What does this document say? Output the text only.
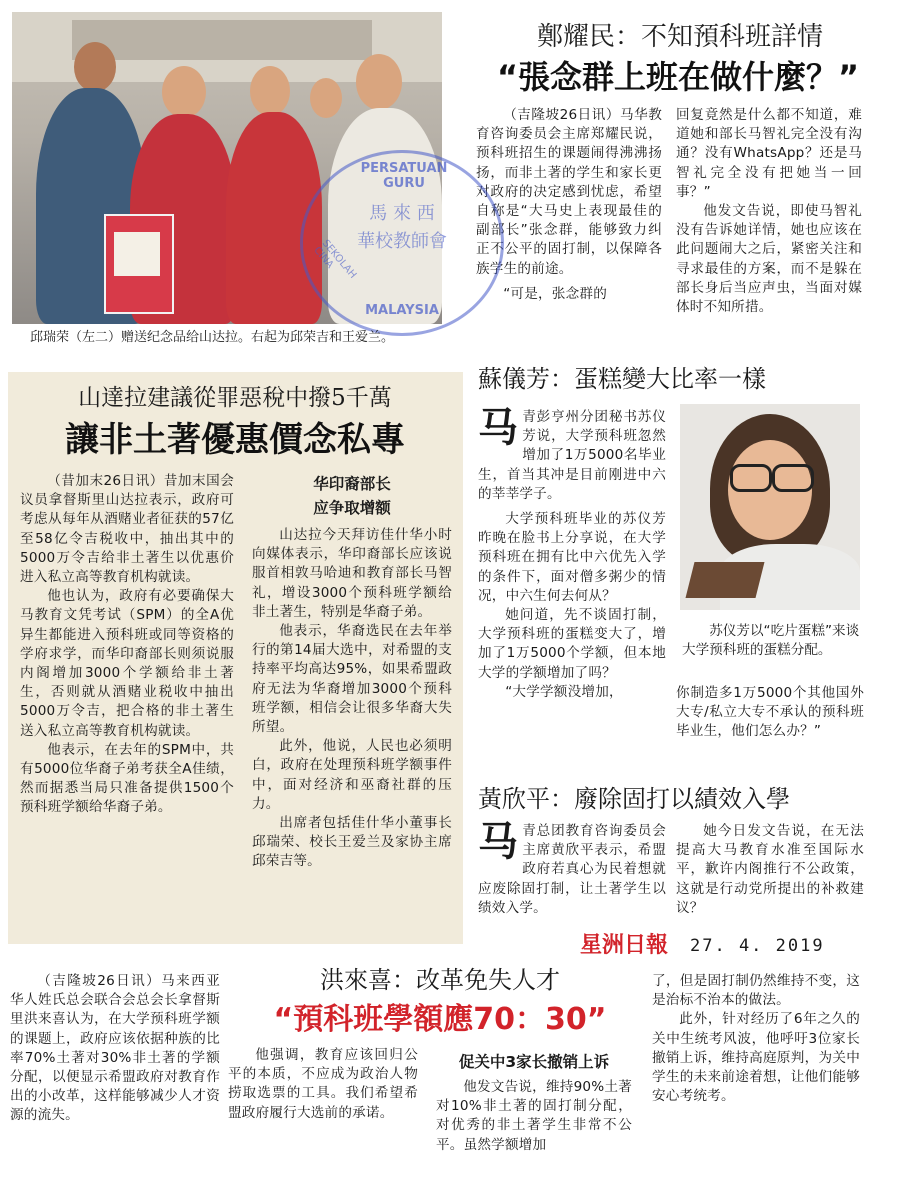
鄭耀民：不知預科班詳情
“張念群上班在做什麼？”

（吉隆坡26日讯）马华教育咨询委员会主席郑耀民说，预科班招生的课题闹得沸沸扬扬，而非土著的学生和家长更对政府的决定感到忧虑，希望自称是“大马史上表现最佳的副部长”张念群，能够致力纠正不公平的固打制，以保障各族学生的前途。

“可是，张念群的

回复竟然是什么都不知道，难道她和部长马智礼完全没有沟通？没有WhatsApp？还是马智礼完全没有把她当一回事？”

他发文告说，即使马智礼没有告诉她详情，她也应该在此问题闹大之后，紧密关注和寻求最佳的方案，而不是躲在部长身后当应声虫，当面对媒体时不知所措。

PERSATUAN GURU
馬 來 西
華校教師會
SEKOLAH CINA
MALAYSIA
邱瑞荣（左二）赠送纪念品给山达拉。右起为邱荣吉和王爱兰。
山達拉建議從罪惡稅中撥5千萬
讓非土著優惠價念私專

（昔加末26日讯）昔加末国会议员拿督斯里山达拉表示，政府可考虑从每年从酒赌业者征获的57亿至58亿令吉税收中，抽出其中的5000万令吉给非土著生以优惠价进入私立高等教育机构就读。

他也认为，政府有必要确保大马教育文凭考试（SPM）的全A优异生都能进入预科班或同等资格的学府求学，而华印裔部长则须说服内阁增加3000个学额给非土著生，否则就从酒赌业税收中抽出5000万令吉，把合格的非土著生送入私立高等教育机构就读。

他表示，在去年的SPM中，共有5000位华裔子弟考获全A佳绩，然而据悉当局只准备提供1500个预科班学额给华裔子弟。

华印裔部长
应争取增额

山达拉今天拜访佳什华小时向媒体表示，华印裔部长应该说服首相敦马哈迪和教育部长马智礼，增设3000个预科班学额给非土著生，特别是华裔子弟。

他表示，华裔选民在去年举行的第14届大选中，对希盟的支持率平均高达95%，如果希盟政府无法为华裔增加3000个预科班学额，相信会让很多华裔大失所望。

此外，他说，人民也必须明白，政府在处理预科班学额事件中，面对经济和巫裔社群的压力。

出席者包括佳什华小董事长邱瑞荣、校长王爱兰及家协主席邱荣吉等。

蘇儀芳：蛋糕變大比率一樣

马青彭亨州分团秘书苏仪芳说，大学预科班忽然增加了1万5000名毕业生，首当其冲是目前刚进中六的莘莘学子。

大学预科班毕业的苏仪芳昨晚在脸书上分享说，在大学预科班在拥有比中六优先入学的条件下，面对僧多粥少的情况，中六生何去何从？

她问道，先不谈固打制，大学预科班的蛋糕变大了，增加了1万5000个学额，但本地大学的学额增加了吗？

“大学学额没增加，

苏仪芳以“吃片蛋糕”来谈大学预科班的蛋糕分配。

你制造多1万5000个其他国外大专/私立大专不承认的预科班毕业生，他们怎么办？”

黃欣平：廢除固打以績效入學

马青总团教育咨询委员会主席黄欣平表示，希盟政府若真心为民着想就应废除固打制，让土著学生以绩效入学。

她今日发文告说，在无法提高大马教育水准至国际水平，歉许内阁推行不公政策，这就是行动党所提出的补救建议？

星洲日報	27. 4. 2019
洪來喜：改革免失人才
“預科班學額應70：30”

（吉隆坡26日讯）马来西亚华人姓氏总会联合会总会长拿督斯里洪来喜认为，在大学预科班学额的课题上，政府应该依据种族的比率70%土著对30%非土著的学额分配，以便显示希盟政府对教育作出的小改革，这样能够减少人才资源的流失。

他强调，教育应该回归公平的本质，不应成为政治人物捞取选票的工具。我们希望希盟政府履行大选前的承诺。

促关中3家长撤销上诉

他发文告说，维持90%土著对10%非土著的固打制分配，对优秀的非土著学生非常不公平。虽然学额增加

了，但是固打制仍然维持不变，这是治标不治本的做法。

此外，针对经历了6年之久的关中生统考风波，他呼吁3位家长撤销上诉，维持高庭原判，为关中学生的未来前途着想，让他们能够安心考统考。
